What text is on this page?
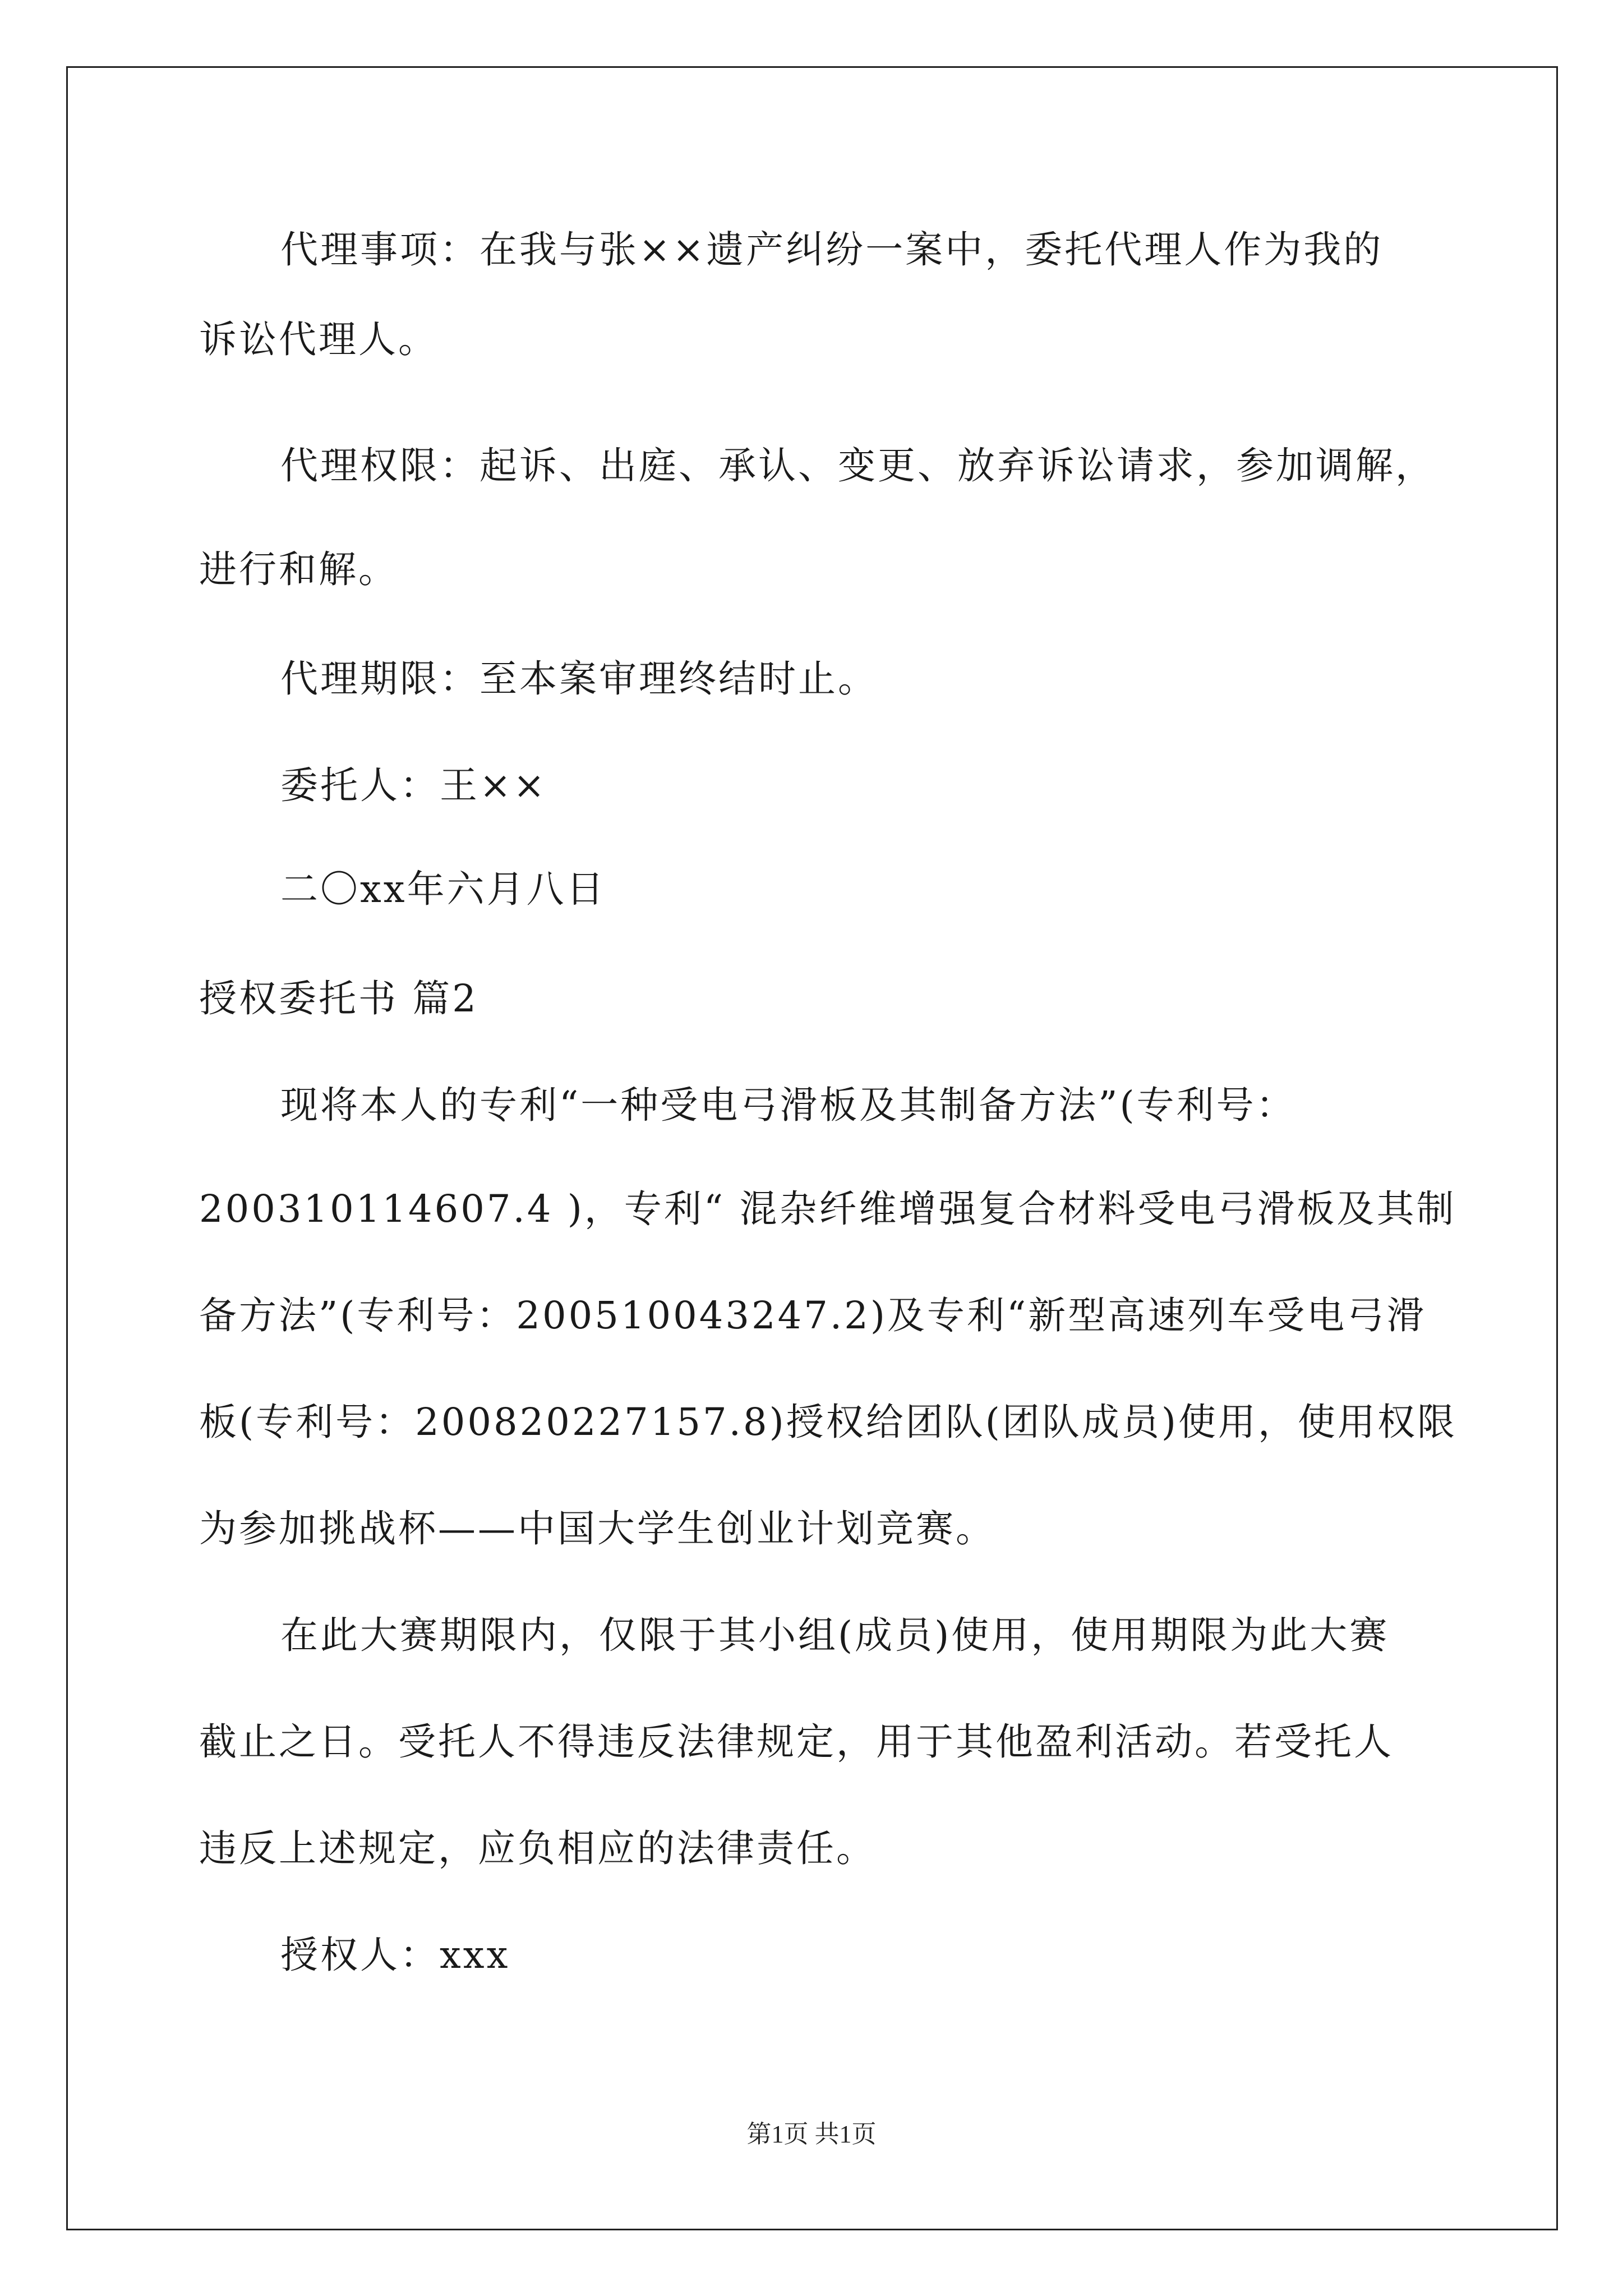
代理事项：在我与张××遗产纠纷一案中，委托代理人作为我的
诉讼代理人。
代理权限：起诉、出庭、承认、变更、放弃诉讼请求，参加调解，
进行和解。
代理期限：至本案审理终结时止。
委托人：王××
二〇xx年六月八日
授权委托书 篇2
现将本人的专利“一种受电弓滑板及其制备方法”(专利号：
200310114607.4 )，专利“ 混杂纤维增强复合材料受电弓滑板及其制
备方法”(专利号：200510043247.2)及专利“新型高速列车受电弓滑
板(专利号：200820227157.8)授权给团队(团队成员)使用，使用权限
为参加挑战杯——中国大学生创业计划竞赛。
在此大赛期限内，仅限于其小组(成员)使用，使用期限为此大赛
截止之日。受托人不得违反法律规定，用于其他盈利活动。若受托人
违反上述规定，应负相应的法律责任。
授权人：xxx
第1页 共1页
